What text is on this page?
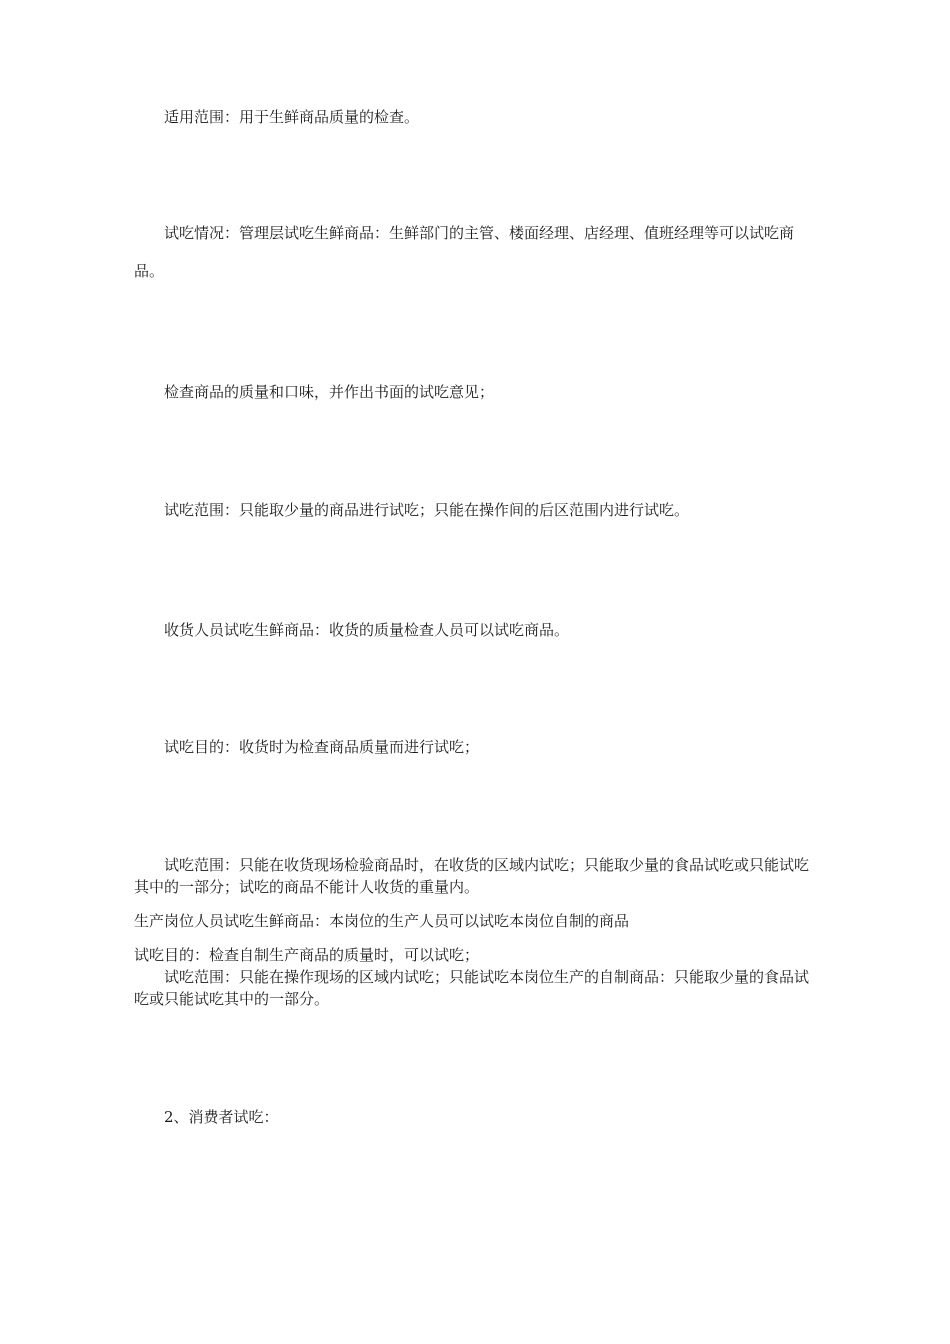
适用范围：用于生鲜商品质量的检查。

试吃情况：管理层试吃生鲜商品：生鲜部门的主管、楼面经理、店经理、值班经理等可以试吃商品。

检查商品的质量和口味，并作出书面的试吃意见；

试吃范围：只能取少量的商品进行试吃；只能在操作间的后区范围内进行试吃。

收货人员试吃生鲜商品：收货的质量检查人员可以试吃商品。

试吃目的：收货时为检查商品质量而进行试吃；

试吃范围：只能在收货现场检验商品时，在收货的区域内试吃；只能取少量的食品试吃或只能试吃其中的一部分；试吃的商品不能计人收货的重量内。

生产岗位人员试吃生鲜商品：本岗位的生产人员可以试吃本岗位自制的商品

试吃目的：检查自制生产商品的质量时，可以试吃；

试吃范围：只能在操作现场的区域内试吃；只能试吃本岗位生产的自制商品：只能取少量的食品试吃或只能试吃其中的一部分。

2、消费者试吃：
